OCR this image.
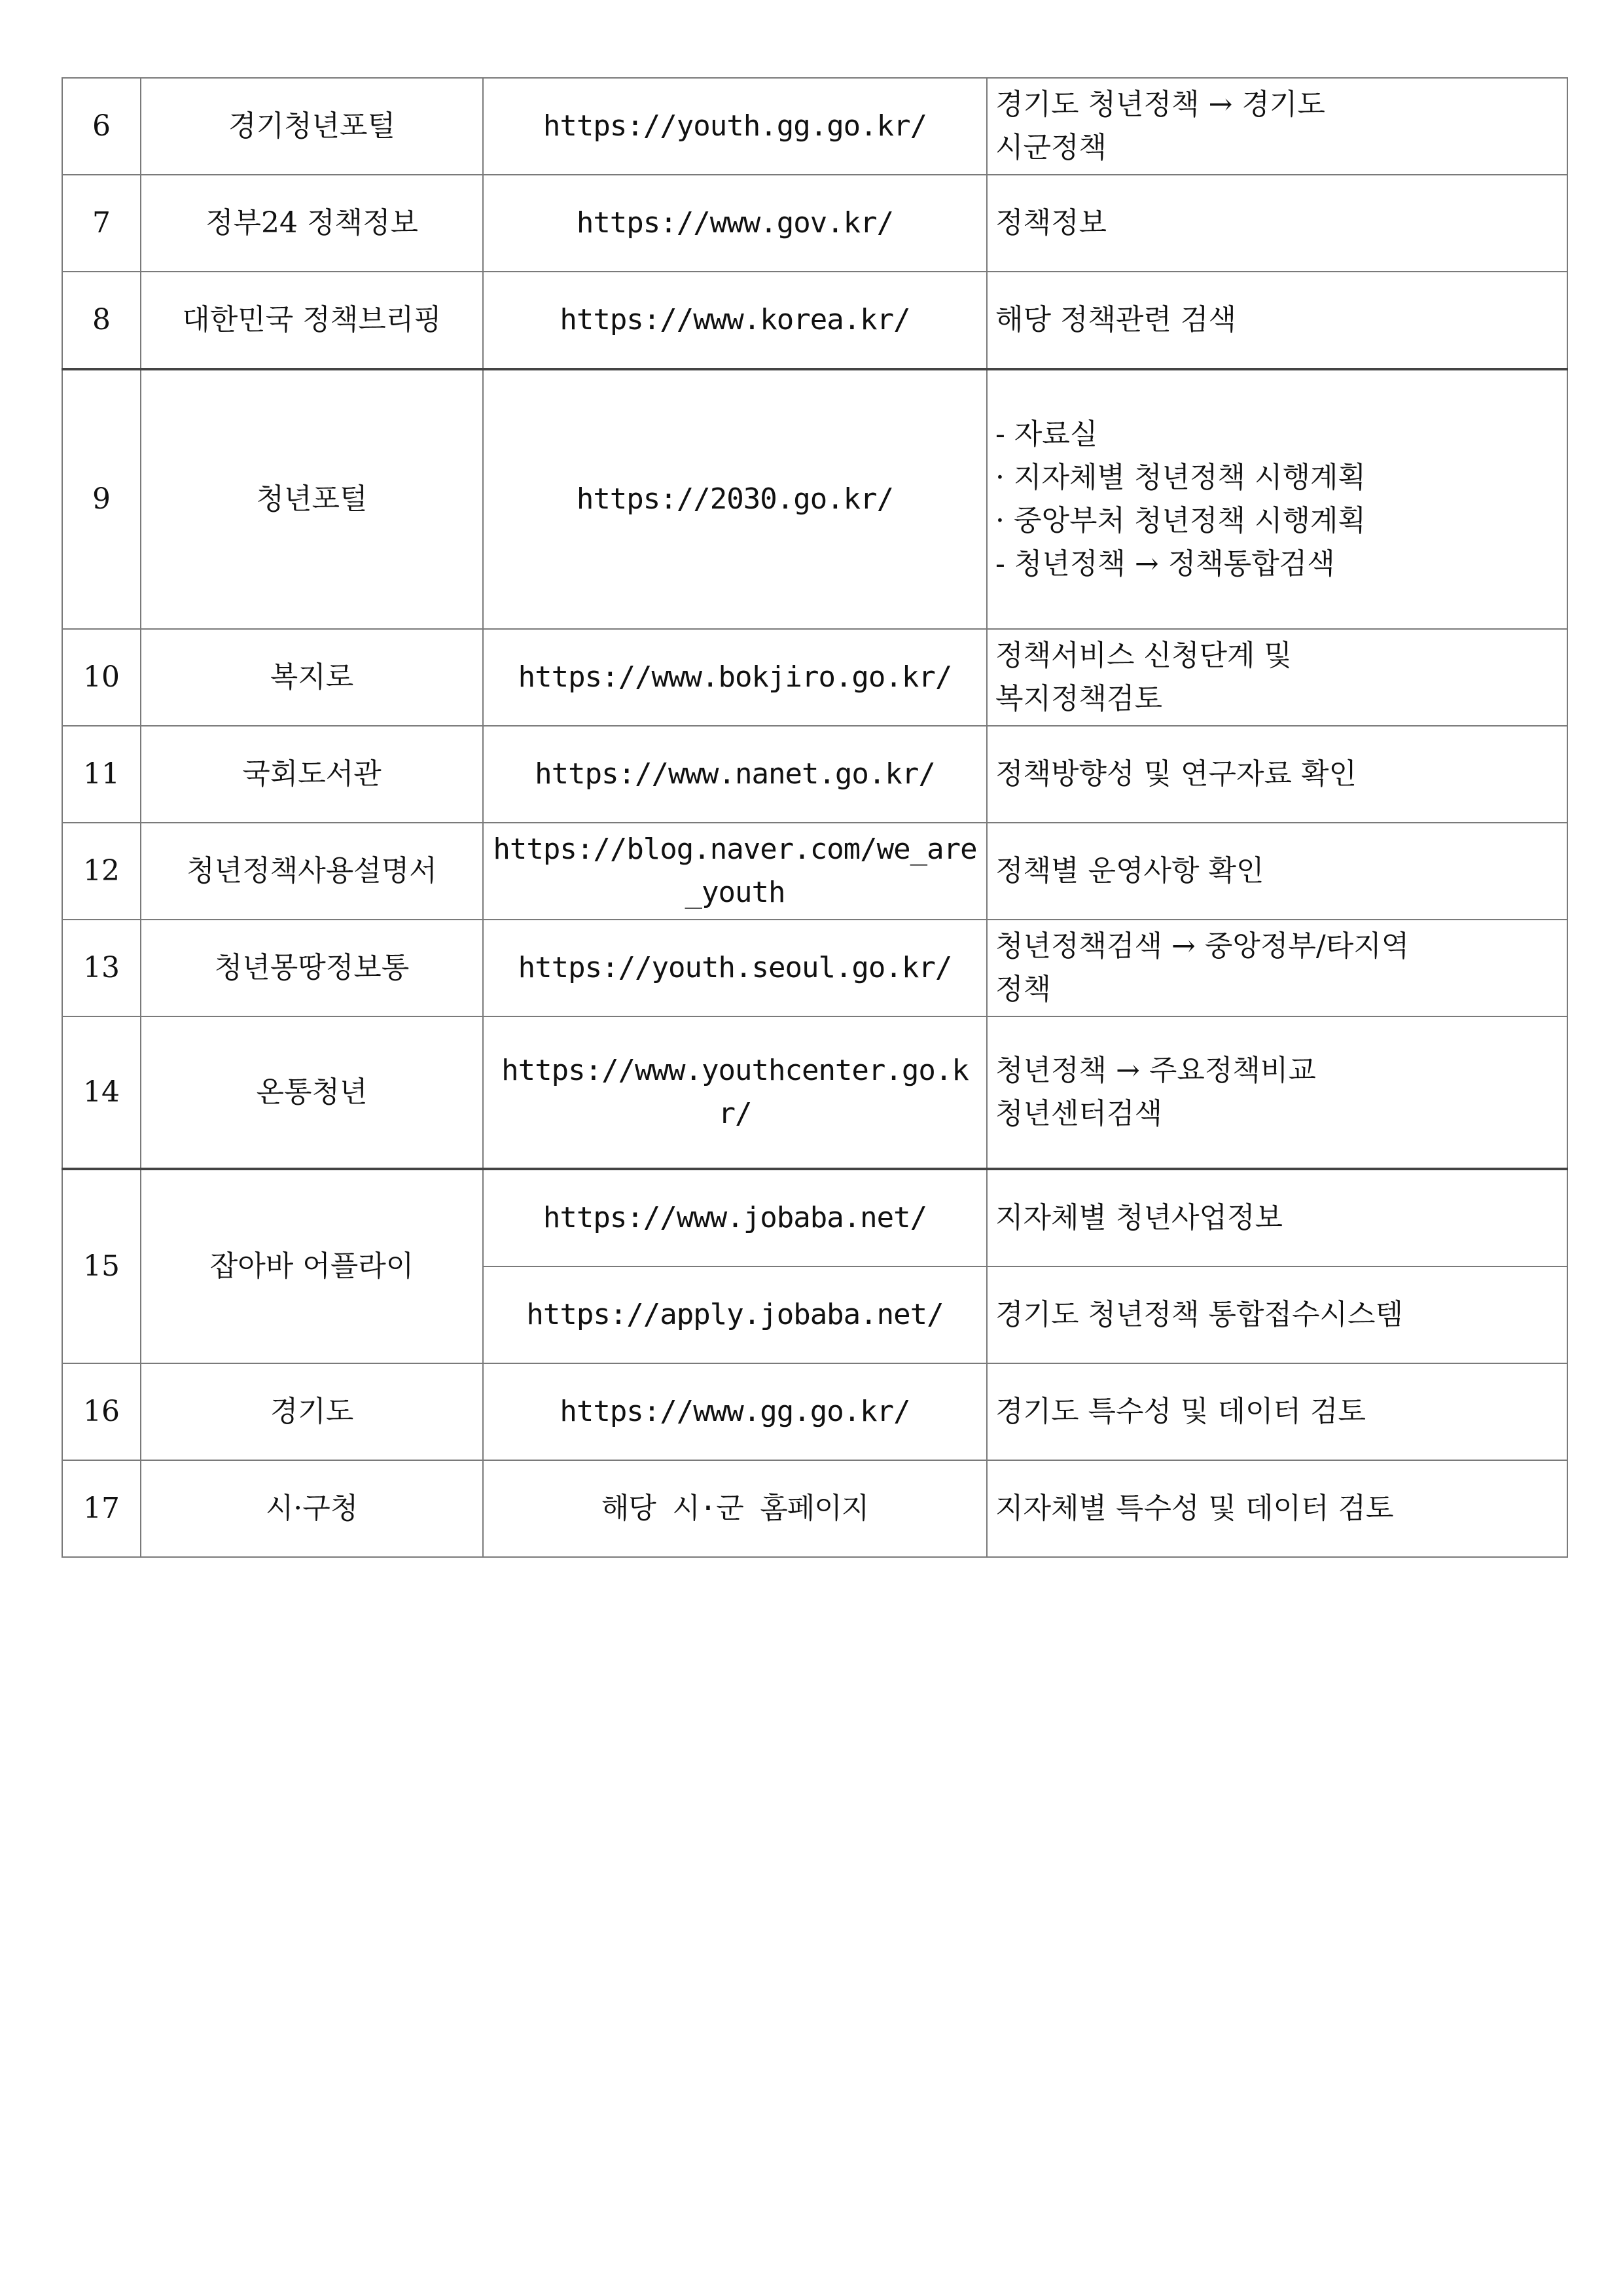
6	경기청년포털	https://youth.gg.go.kr/	경기도 청년정책 → 경기도
시군정책
7	정부24 정책정보	https://www.gov.kr/	정책정보
8	대한민국 정책브리핑	https://www.korea.kr/	해당 정책관련 검색
9	청년포털	https://2030.go.kr/	- 자료실
· 지자체별 청년정책 시행계획
· 중앙부처 청년정책 시행계획
- 청년정책 → 정책통합검색
10	복지로	https://www.bokjiro.go.kr/	정책서비스 신청단계 및
복지정책검토
11	국회도서관	https://www.nanet.go.kr/	정책방향성 및 연구자료 확인
12	청년정책사용설명서	https://blog.naver.com/we_are_youth	정책별 운영사항 확인
13	청년몽땅정보통	https://youth.seoul.go.kr/	청년정책검색 → 중앙정부/타지역
정책
14	온통청년	https://www.youthcenter.go.kr/	청년정책 → 주요정책비교
청년센터검색
15	잡아바 어플라이	https://www.jobaba.net/	지자체별 청년사업정보
		https://apply.jobaba.net/	경기도 청년정책 통합접수시스템
16	경기도	https://www.gg.go.kr/	경기도 특수성 및 데이터 검토
17	시·구청	해당 시·군 홈페이지	지자체별 특수성 및 데이터 검토
